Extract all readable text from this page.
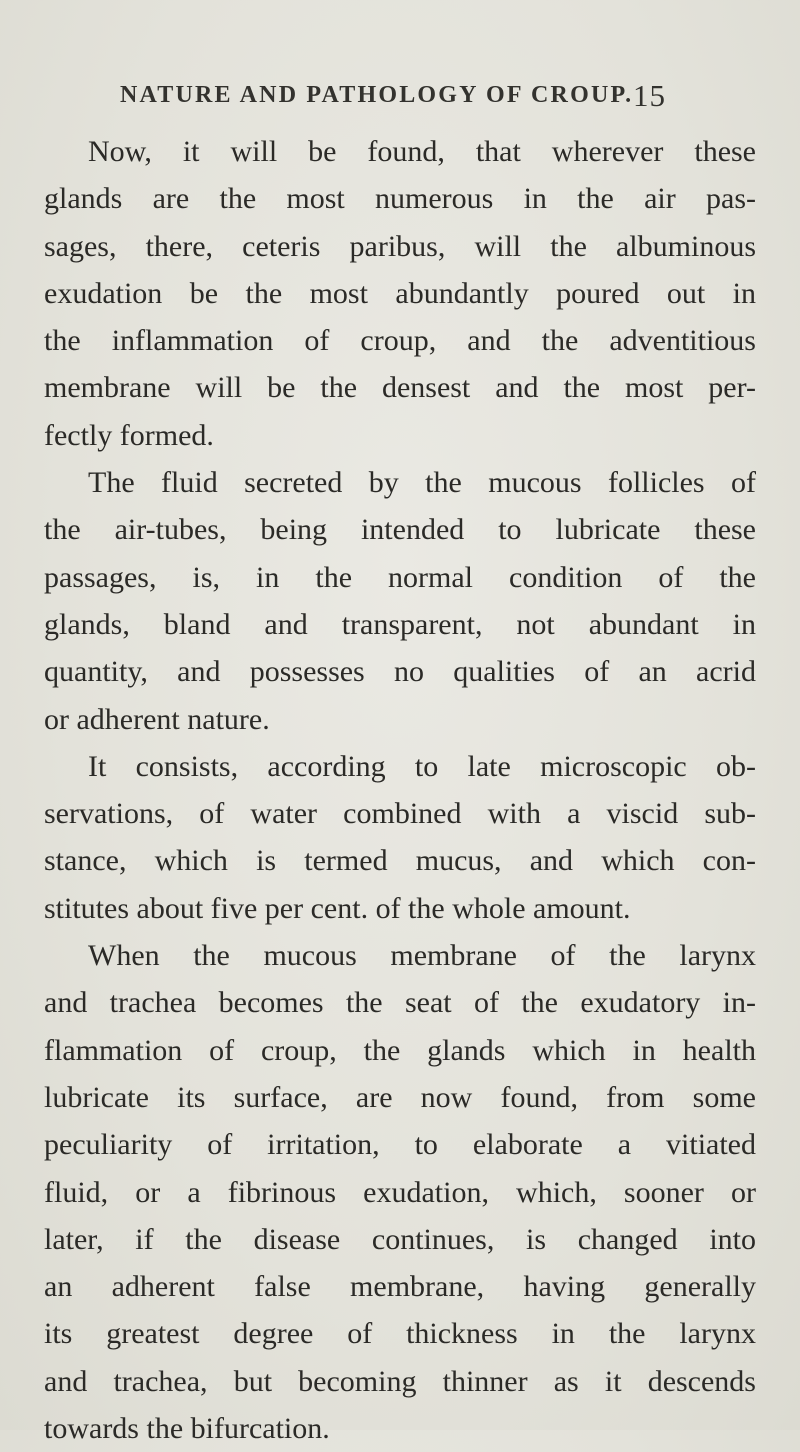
NATURE AND PATHOLOGY OF CROUP. 15
Now, it will be found, that wherever these
glands are the most numerous in the air pas-
sages, there, ceteris paribus, will the albuminous
exudation be the most abundantly poured out in
the inflammation of croup, and the adventitious
membrane will be the densest and the most per-
fectly formed.
The fluid secreted by the mucous follicles of
the air-tubes, being intended to lubricate these
passages, is, in the normal condition of the
glands, bland and transparent, not abundant in
quantity, and possesses no qualities of an acrid
or adherent nature.
It consists, according to late microscopic ob-
servations, of water combined with a viscid sub-
stance, which is termed mucus, and which con-
stitutes about five per cent. of the whole amount.
When the mucous membrane of the larynx
and trachea becomes the seat of the exudatory in-
flammation of croup, the glands which in health
lubricate its surface, are now found, from some
peculiarity of irritation, to elaborate a vitiated
fluid, or a fibrinous exudation, which, sooner or
later, if the disease continues, is changed into
an adherent false membrane, having generally
its greatest degree of thickness in the larynx
and trachea, but becoming thinner as it descends
towards the bifurcation.
